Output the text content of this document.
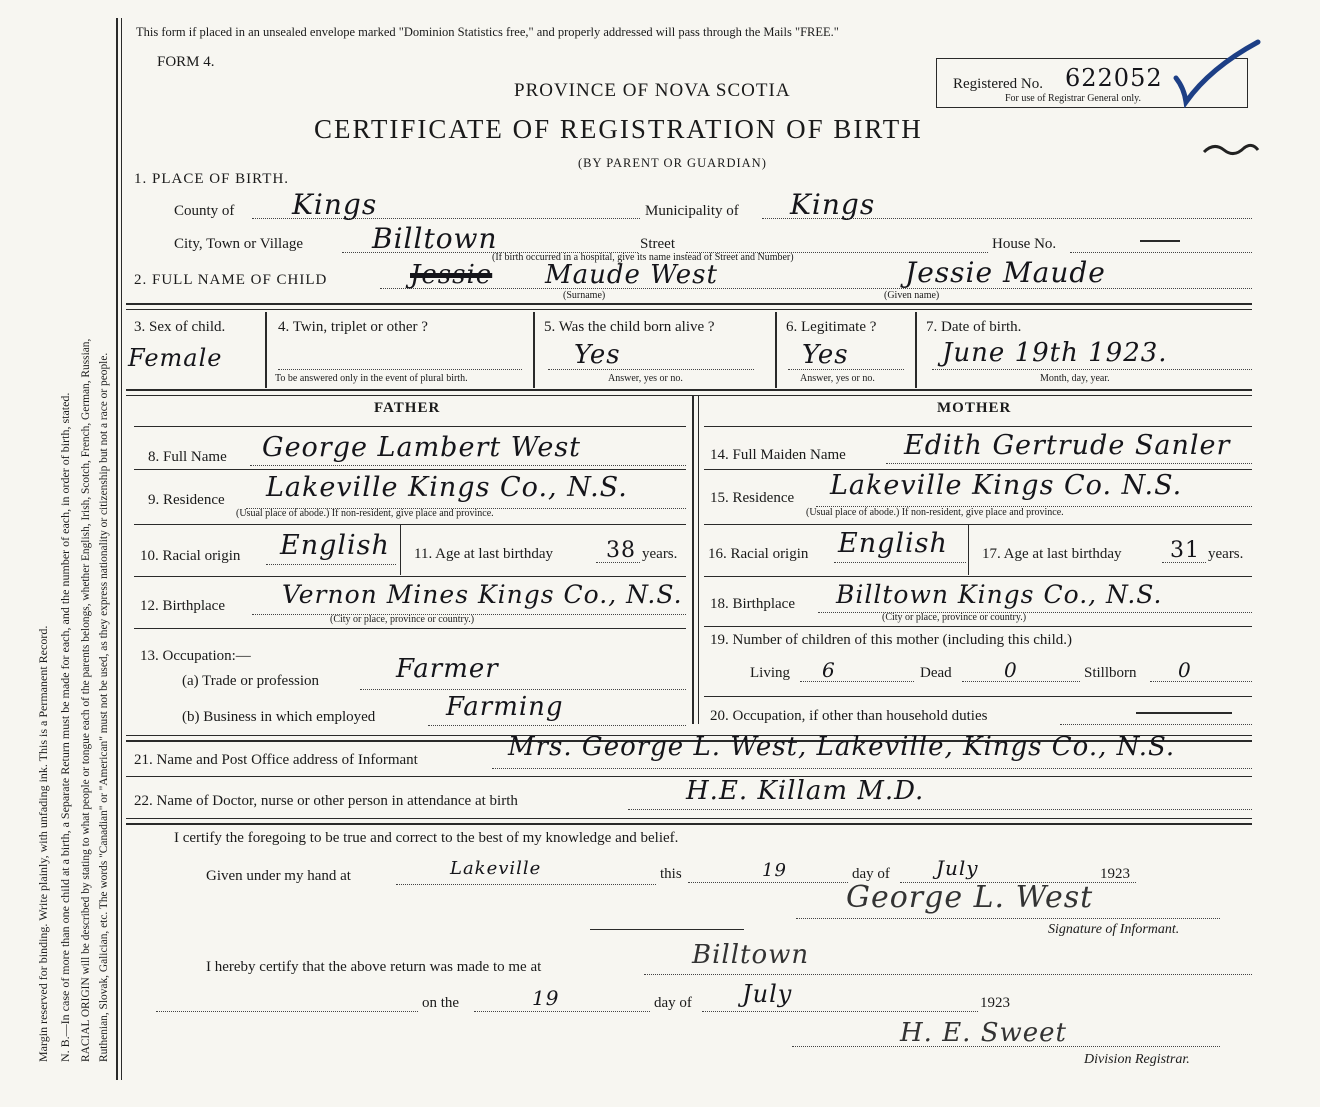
Margin reserved for binding. Write plainly, with unfading ink. This is a Permanent Record. N. B.—In case of more than one child at a birth, a Separate Return must be made for each, and the number of each, in order of birth, stated. RACIAL ORIGIN will be described by stating to what people or tongue each of the parents belongs, whether English, Irish, Scotch, French, German, Russian, Ruthenian, Slovak, Galician, etc. The words "Canadian" or "American" must not be used, as they express nationality or citizenship but not a race or people.
This form if placed in an unsealed envelope marked "Dominion Statistics free," and properly addressed will pass through the Mails "FREE."
FORM 4.
PROVINCE OF NOVA SCOTIA
CERTIFICATE OF REGISTRATION OF BIRTH
(BY PARENT OR GUARDIAN)
Registered No. 622052
For use of Registrar General only.
1. PLACE OF BIRTH.
County of Kings	Municipality of Kings
City, Town or Village Billtown	Street	House No.
(If birth occurred in a hospital, give its name instead of Street and Number)
2. FULL NAME OF CHILD	Jessie Maude West	Jessie Maude
(Surname)	(Given name)
3. Sex of child.
Female
4. Twin, triplet or other ?
To be answered only in the event of plural birth.
5. Was the child born alive ?
Yes
Answer, yes or no.
6. Legitimate ?
Yes
Answer, yes or no.
7. Date of birth.
June 19th 1923.
Month, day, year.
FATHER	MOTHER
8. Full Name George Lambert West
9. Residence Lakeville Kings Co., N.S.
(Usual place of abode.) If non-resident, give place and province.
10. Racial origin English 11. Age at last birthday 38 years.
12. Birthplace Vernon Mines Kings Co., N.S.
(City or place, province or country.)
13. Occupation:—
(a) Trade or profession	Farmer
(b) Business in which employed	Farming
14. Full Maiden Name Edith Gertrude Sanler
15. Residence Lakeville Kings Co. N.S.
(Usual place of abode.) If non-resident, give place and province.
16. Racial origin English 17. Age at last birthday 31 years.
18. Birthplace Billtown Kings Co., N.S.
(City or place, province or country.)
19. Number of children of this mother (including this child.)
Living 6	Dead	0	Stillborn 0
20. Occupation, if other than household duties
21. Name and Post Office address of Informant	Mrs. George L. West, Lakeville, Kings Co., N.S.
22. Name of Doctor, nurse or other person in attendance at birth	H.E. Killam M.D.
I certify the foregoing to be true and correct to the best of my knowledge and belief.
Given under my hand at	Lakeville	this	19	day of July	1923
George L. West
Signature of Informant.
I hereby certify that the above return was made to me at	Billtown
on the	19	day of July	1923
H. E. Sweet
Division Registrar.
